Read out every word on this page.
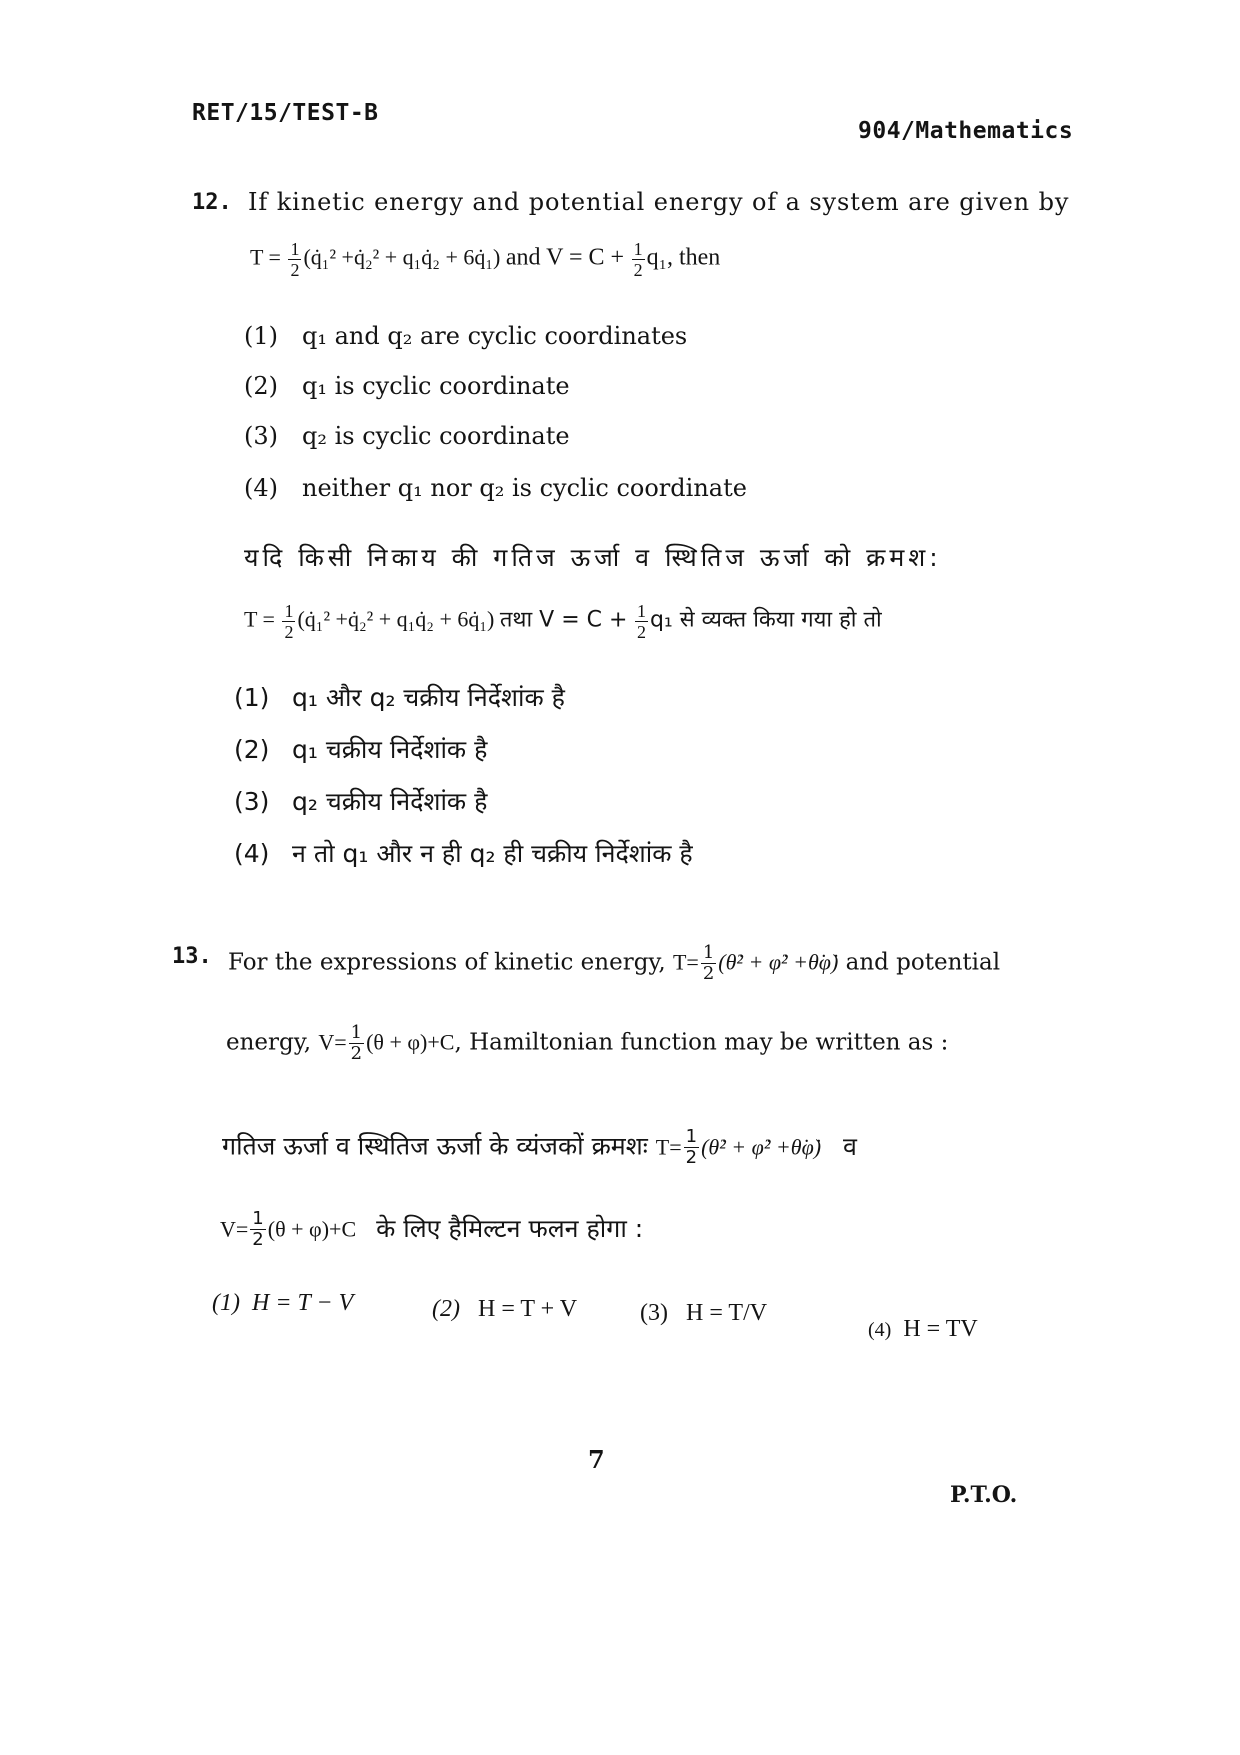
RET/15/TEST-B
904/Mathematics
12. If kinetic energy and potential energy of a system are given by
$T = \frac{1}{2}$ (q̇₁² +q̇₂² + q₁q̇₂ + 6q̇₁) and $V = C + \frac{1}{2} q_1$, then
(1) q₁ and q₂ are cyclic coordinates
(2) q₁ is cyclic coordinate
(3) q₂ is cyclic coordinate
(4) neither q₁ nor q₂ is cyclic coordinate
यदि किसी निकाय की गतिज ऊर्जा व स्थितिज ऊर्जा को क्रमश:
$T = \frac{1}{2}$ (q̇₁² +q̇₂² + q₁q̇₂ + 6q̇₁) तथा $V = C + \frac{1}{2} q_1$ से व्यक्त किया गया हो तो
(1) q₁ और q₂ चक्रीय निर्देशांक है
(2) q₁ चक्रीय निर्देशांक है
(3) q₂ चक्रीय निर्देशांक है
(4) न तो q₁ और न ही q₂ ही चक्रीय निर्देशांक है
13. For the expressions of kinetic energy, $T= \frac{1}{2}$ (θ̇² + φ̇² +θ̇φ̇) and potential
energy, $V= \frac{1}{2} (\theta + \varphi)+C$, Hamiltonian function may be written as :
गतिज ऊर्जा व स्थितिज ऊर्जा के व्यंजकों क्रमशः $T= \frac{1}{2}$ (θ̇² + φ̇² +θ̇φ̇) व
$V= \frac{1}{2} (\theta + \varphi)+C$ के लिए हैमिल्टन फलन होगा :
(1) H = T − V	(2) H = T + V	(3) H = T/V
(4) H = TV
7
P.T.O.
